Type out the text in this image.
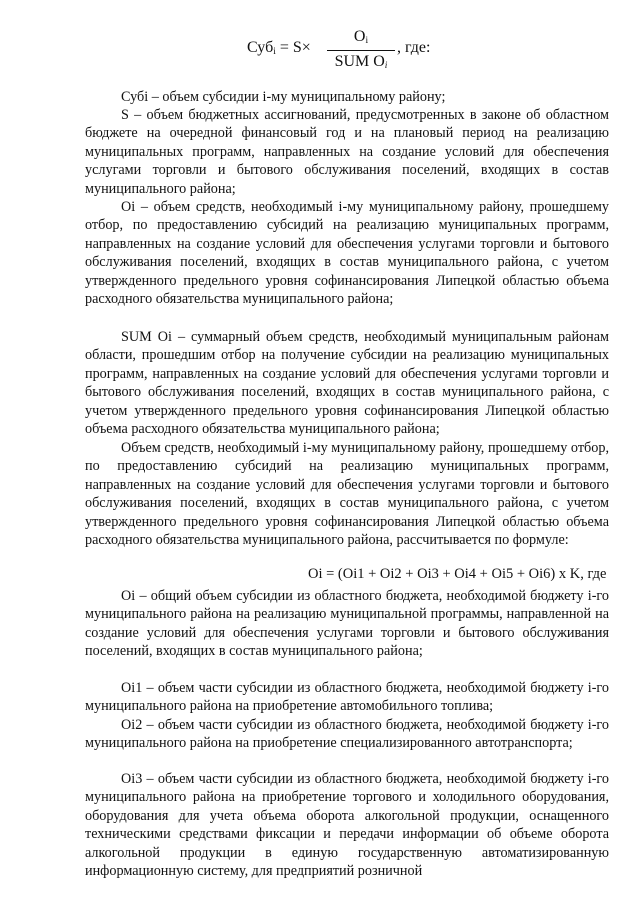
Суб$_i$ = S×
$O_i$
SUM $O_i$
, где:

Субi – объем субсидии i-му муниципальному району;

S – объем бюджетных ассигнований, предусмотренных в законе об областном бюджете на очередной финансовый год и на плановый период на реализацию муниципальных программ, направленных на создание условий для обеспечения услугами торговли и бытового обслуживания поселений, входящих в состав муниципального района;

Oi – объем средств, необходимый i-му муниципальному району, прошедшему отбор, по предоставлению субсидий на реализацию муниципальных программ, направленных на создание условий для обеспечения услугами торговли и бытового обслуживания поселений, входящих в состав муниципального района, с учетом утвержденного предельного уровня софинансирования Липецкой областью объема расходного обязательства муниципального района;

SUM Oi – суммарный объем средств, необходимый муниципальным районам области, прошедшим отбор на получение субсидии на реализацию муниципальных программ, направленных на создание условий для обеспечения услугами торговли и бытового обслуживания поселений, входящих в состав муниципального района, с учетом утвержденного предельного уровня софинансирования Липецкой областью объема расходного обязательства муниципального района;

Объем средств, необходимый i-му муниципальному району, прошедшему отбор, по предоставлению субсидий на реализацию муниципальных программ, направленных на создание условий для обеспечения услугами торговли и бытового обслуживания поселений, входящих в состав муниципального района, с учетом утвержденного предельного уровня софинансирования Липецкой областью объема расходного обязательства муниципального района, рассчитывается по формуле:

Oi = (Oi1 + Oi2 + Oi3 + Oi4 + Oi5 + Oi6) x K, где

Oi – общий объем субсидии из областного бюджета, необходимой бюджету i-го муниципального района на реализацию муниципальной программы, направленной на создание условий для обеспечения услугами торговли и бытового обслуживания поселений, входящих в состав муниципального района;

Oi1 – объем части субсидии из областного бюджета, необходимой бюджету i-го муниципального района на приобретение автомобильного топлива;

Oi2 – объем части субсидии из областного бюджета, необходимой бюджету i-го муниципального района на приобретение специализированного автотранспорта;

Oi3 – объем части субсидии из областного бюджета, необходимой бюджету i-го муниципального района на приобретение торгового и холодильного оборудования, оборудования для учета объема оборота алкогольной продукции, оснащенного техническими средствами фиксации и передачи информации об объеме оборота алкогольной продукции в единую государственную автоматизированную информационную систему, для предприятий розничной
